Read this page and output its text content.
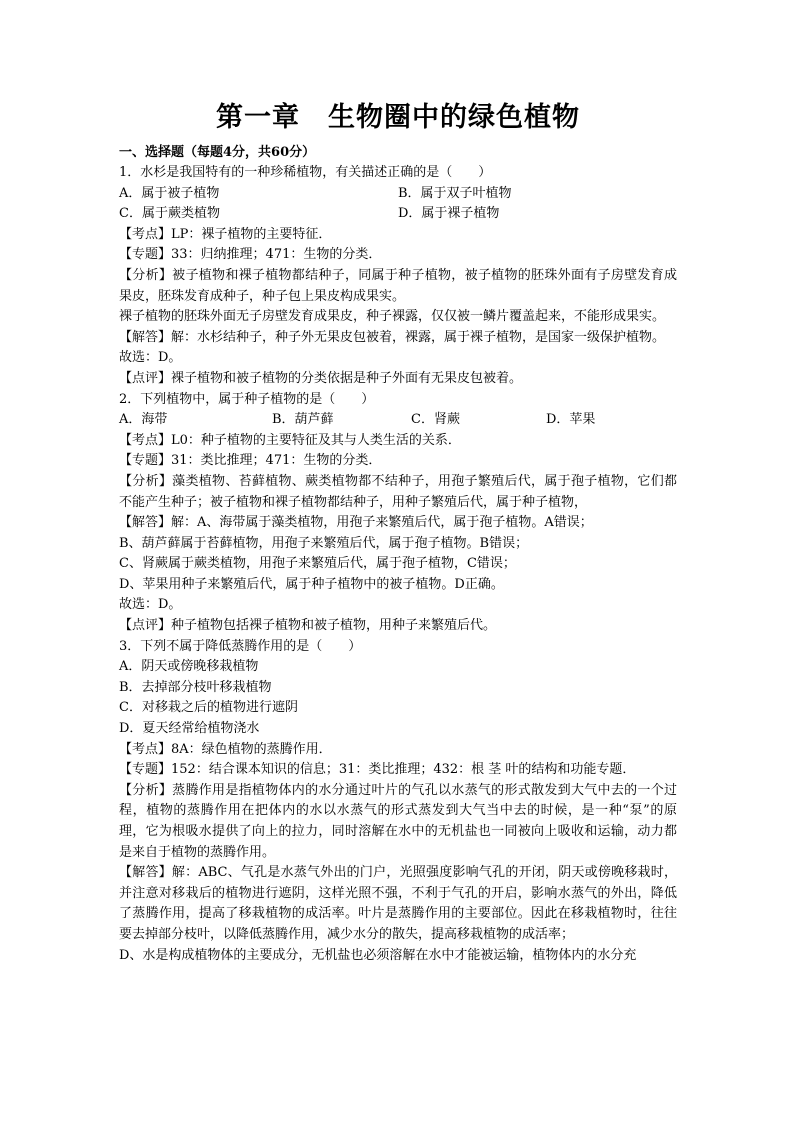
第一章 生物圈中的绿色植物

一、选择题（每题4分，共60分）

1．水杉是我国特有的一种珍稀植物，有关描述正确的是（　　）

A．属于被子植物	B．属于双子叶植物
C．属于蕨类植物	D．属于裸子植物

【考点】LP：裸子植物的主要特征．

【专题】33：归纳推理；471：生物的分类．

【分析】被子植物和裸子植物都结种子，同属于种子植物，被子植物的胚珠外面有子房壁发育成果皮，胚珠发育成种子，种子包上果皮构成果实。

裸子植物的胚珠外面无子房壁发育成果皮，种子裸露，仅仅被一鳞片覆盖起来，不能形成果实。

【解答】解：水杉结种子，种子外无果皮包被着，裸露，属于裸子植物，是国家一级保护植物。

故选：D。

【点评】裸子植物和被子植物的分类依据是种子外面有无果皮包被着。

2．下列植物中，属于种子植物的是（　　）

A．海带	B．葫芦藓	C．肾蕨	D．苹果

【考点】L0：种子植物的主要特征及其与人类生活的关系．

【专题】31：类比推理；471：生物的分类．

【分析】藻类植物、苔藓植物、蕨类植物都不结种子，用孢子繁殖后代，属于孢子植物，它们都不能产生种子；被子植物和裸子植物都结种子，用种子繁殖后代，属于种子植物，

【解答】解：A、海带属于藻类植物，用孢子来繁殖后代，属于孢子植物。A错误；

B、葫芦藓属于苔藓植物，用孢子来繁殖后代，属于孢子植物。B错误；

C、肾蕨属于蕨类植物，用孢子来繁殖后代，属于孢子植物，C错误；

D、苹果用种子来繁殖后代，属于种子植物中的被子植物。D正确。

故选：D。

【点评】种子植物包括裸子植物和被子植物，用种子来繁殖后代。

3．下列不属于降低蒸腾作用的是（　　）

A．阴天或傍晚移栽植物

B．去掉部分枝叶移栽植物

C．对移栽之后的植物进行遮阴

D．夏天经常给植物浇水

【考点】8A：绿色植物的蒸腾作用．

【专题】152：结合课本知识的信息；31：类比推理；432：根 茎 叶的结构和功能专题．

【分析】蒸腾作用是指植物体内的水分通过叶片的气孔以水蒸气的形式散发到大气中去的一个过程，植物的蒸腾作用在把体内的水以水蒸气的形式蒸发到大气当中去的时候，是一种“泵”的原理，它为根吸水提供了向上的拉力，同时溶解在水中的无机盐也一同被向上吸收和运输，动力都是来自于植物的蒸腾作用。

【解答】解：ABC、气孔是水蒸气外出的门户，光照强度影响气孔的开闭，阴天或傍晚移栽时，并注意对移栽后的植物进行遮阴，这样光照不强，不利于气孔的开启，影响水蒸气的外出，降低了蒸腾作用，提高了移栽植物的成活率。叶片是蒸腾作用的主要部位。因此在移栽植物时，往往要去掉部分枝叶，以降低蒸腾作用，减少水分的散失，提高移栽植物的成活率；

D、水是构成植物体的主要成分，无机盐也必须溶解在水中才能被运输，植物体内的水分充
